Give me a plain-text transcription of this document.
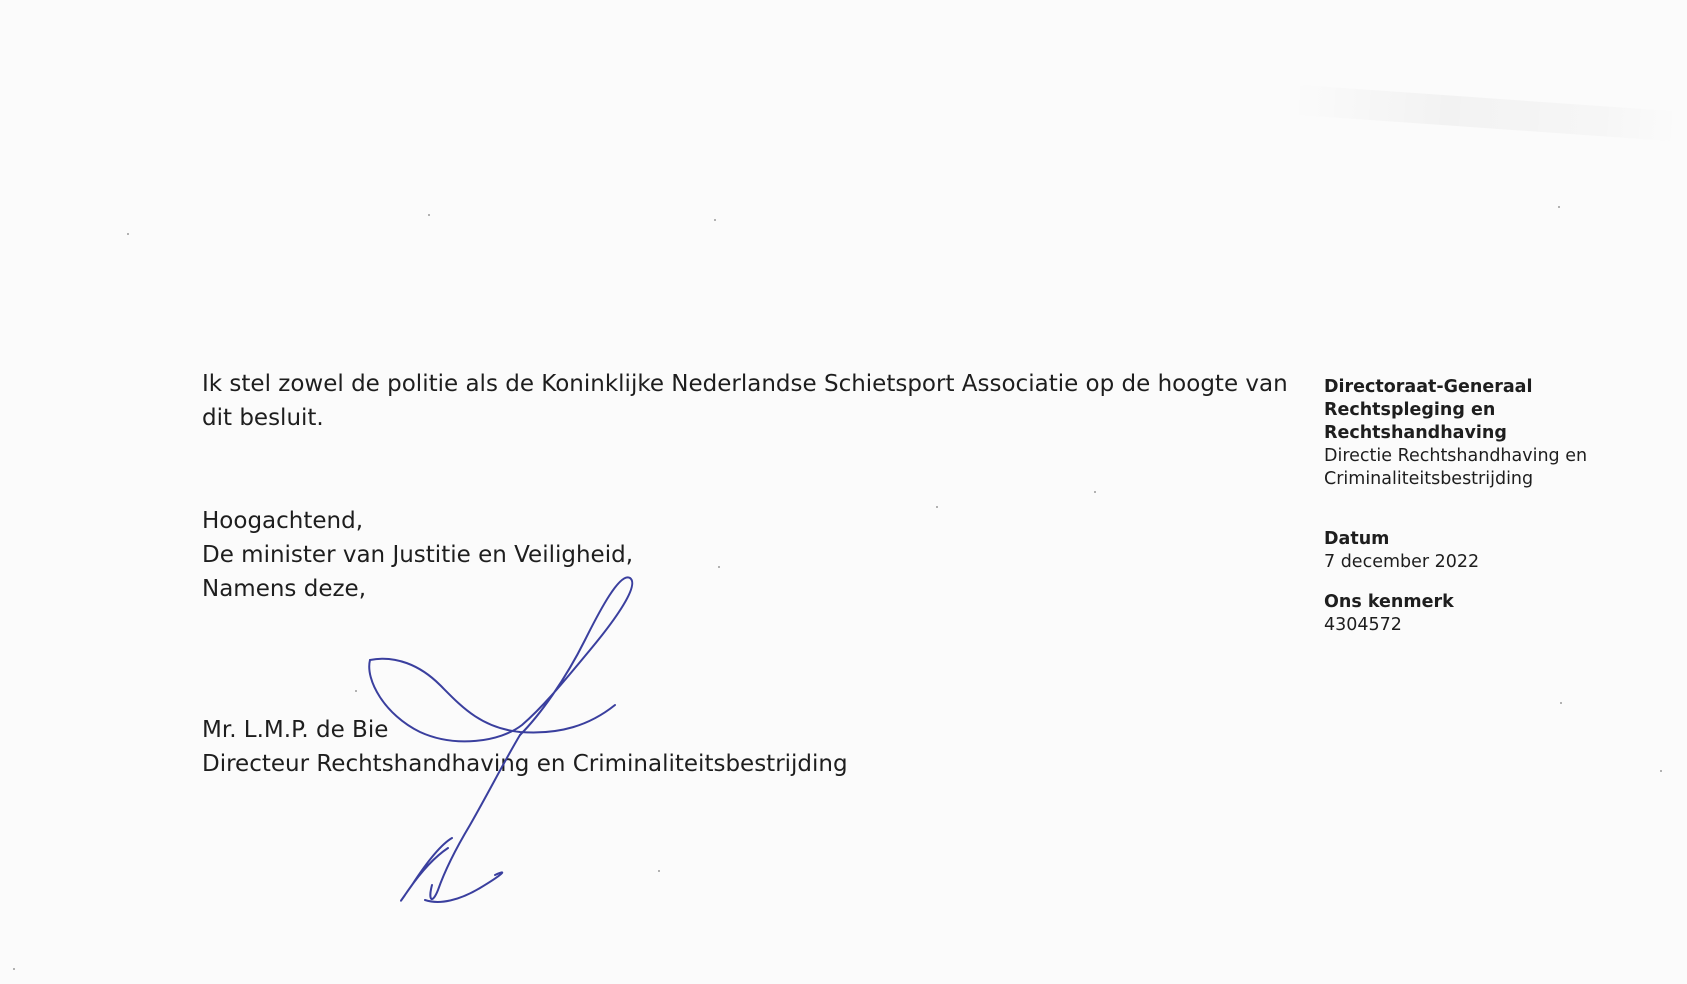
Ik stel zowel de politie als de Koninklijke Nederlandse Schietsport Associatie op de hoogte van dit besluit.

Hoogachtend,
De minister van Justitie en Veiligheid,
Namens deze,
Mr. L.M.P. de Bie
Directeur Rechtshandhaving en Criminaliteitsbestrijding
Directoraat-Generaal
Rechtspleging en
Rechtshandhaving
Directie Rechtshandhaving en
Criminaliteitsbestrijding
Datum
7 december 2022
Ons kenmerk
4304572
